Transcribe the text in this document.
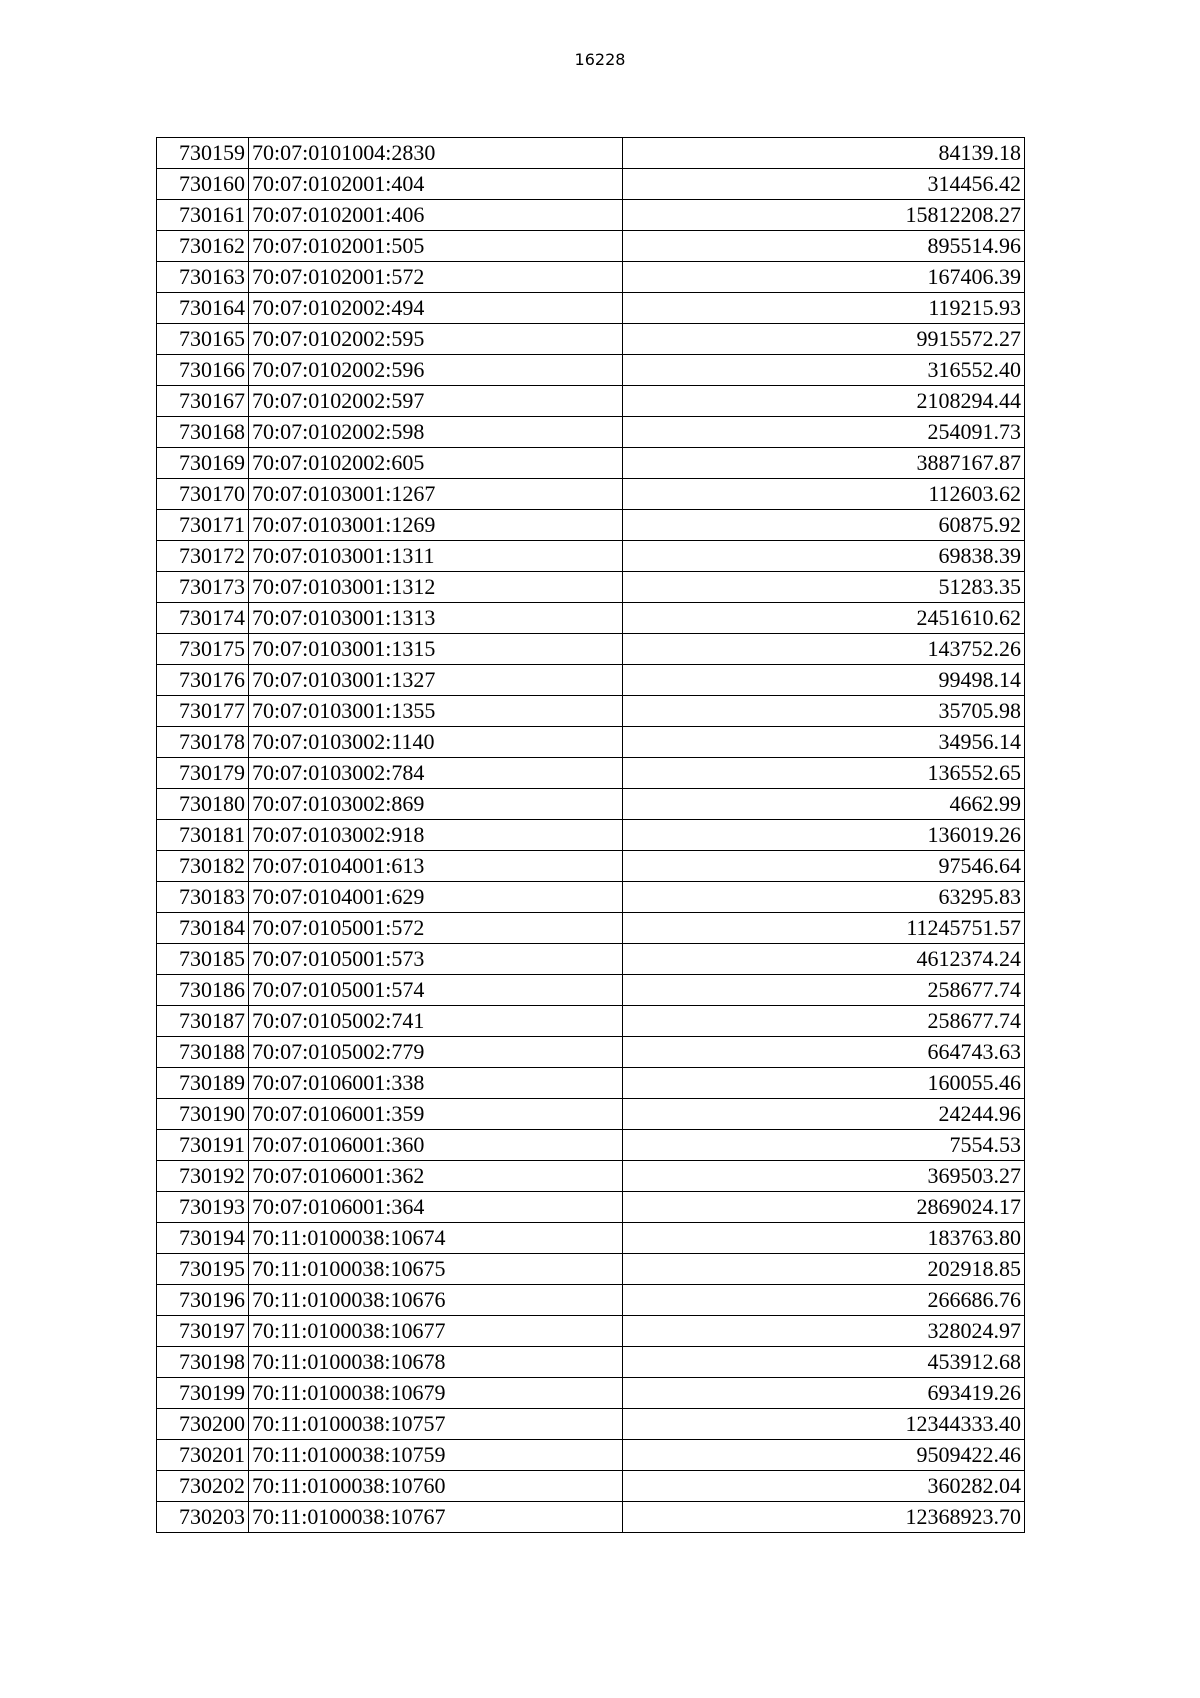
16228
730159	70:07:0101004:2830	84139.18
730160	70:07:0102001:404	314456.42
730161	70:07:0102001:406	15812208.27
730162	70:07:0102001:505	895514.96
730163	70:07:0102001:572	167406.39
730164	70:07:0102002:494	119215.93
730165	70:07:0102002:595	9915572.27
730166	70:07:0102002:596	316552.40
730167	70:07:0102002:597	2108294.44
730168	70:07:0102002:598	254091.73
730169	70:07:0102002:605	3887167.87
730170	70:07:0103001:1267	112603.62
730171	70:07:0103001:1269	60875.92
730172	70:07:0103001:1311	69838.39
730173	70:07:0103001:1312	51283.35
730174	70:07:0103001:1313	2451610.62
730175	70:07:0103001:1315	143752.26
730176	70:07:0103001:1327	99498.14
730177	70:07:0103001:1355	35705.98
730178	70:07:0103002:1140	34956.14
730179	70:07:0103002:784	136552.65
730180	70:07:0103002:869	4662.99
730181	70:07:0103002:918	136019.26
730182	70:07:0104001:613	97546.64
730183	70:07:0104001:629	63295.83
730184	70:07:0105001:572	11245751.57
730185	70:07:0105001:573	4612374.24
730186	70:07:0105001:574	258677.74
730187	70:07:0105002:741	258677.74
730188	70:07:0105002:779	664743.63
730189	70:07:0106001:338	160055.46
730190	70:07:0106001:359	24244.96
730191	70:07:0106001:360	7554.53
730192	70:07:0106001:362	369503.27
730193	70:07:0106001:364	2869024.17
730194	70:11:0100038:10674	183763.80
730195	70:11:0100038:10675	202918.85
730196	70:11:0100038:10676	266686.76
730197	70:11:0100038:10677	328024.97
730198	70:11:0100038:10678	453912.68
730199	70:11:0100038:10679	693419.26
730200	70:11:0100038:10757	12344333.40
730201	70:11:0100038:10759	9509422.46
730202	70:11:0100038:10760	360282.04
730203	70:11:0100038:10767	12368923.70
